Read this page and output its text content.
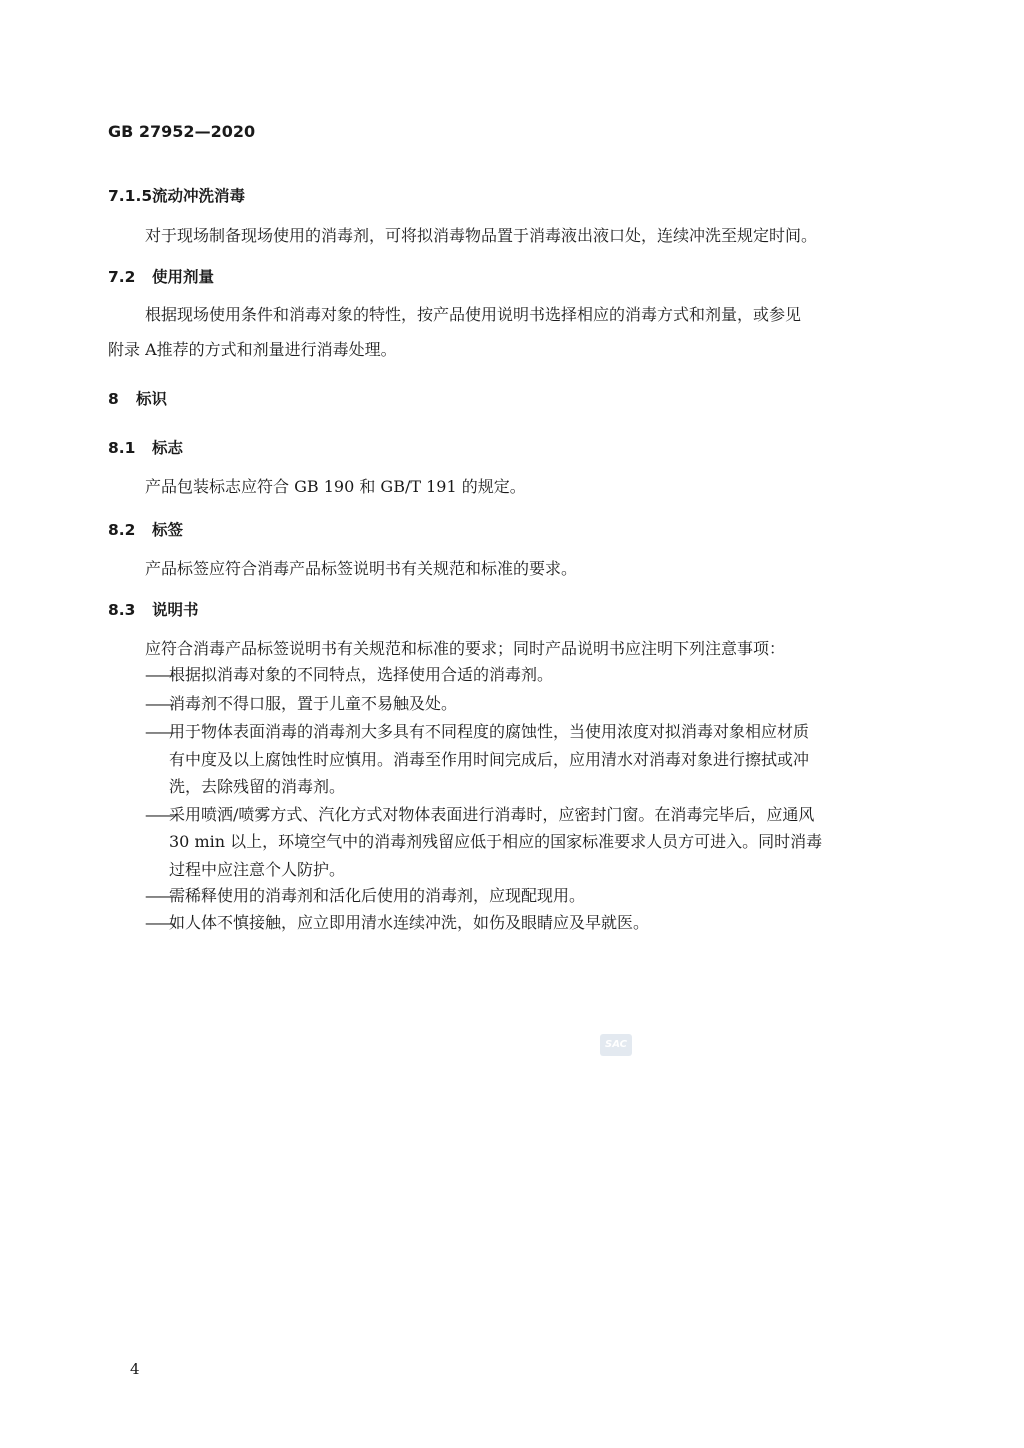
GB 27952—2020
7.1.5流动冲洗消毒
对于现场制备现场使用的消毒剂，可将拟消毒物品置于消毒液出液口处，连续冲洗至规定时间。
7.2 使用剂量
根据现场使用条件和消毒对象的特性，按产品使用说明书选择相应的消毒方式和剂量，或参见
附录 A推荐的方式和剂量进行消毒处理。
8 标识
8.1 标志
产品包装标志应符合 GB 190 和 GB/T 191 的规定。
8.2 标签
产品标签应符合消毒产品标签说明书有关规范和标准的要求。
8.3 说明书
应符合消毒产品标签说明书有关规范和标准的要求；同时产品说明书应注明下列注意事项：
——根据拟消毒对象的不同特点，选择使用合适的消毒剂。
——消毒剂不得口服，置于儿童不易触及处。
——用于物体表面消毒的消毒剂大多具有不同程度的腐蚀性，当使用浓度对拟消毒对象相应材质
有中度及以上腐蚀性时应慎用。消毒至作用时间完成后，应用清水对消毒对象进行擦拭或冲
洗，去除残留的消毒剂。
——采用喷洒/喷雾方式、汽化方式对物体表面进行消毒时，应密封门窗。在消毒完毕后，应通风
30 min 以上，环境空气中的消毒剂残留应低于相应的国家标准要求人员方可进入。同时消毒
过程中应注意个人防护。
——需稀释使用的消毒剂和活化后使用的消毒剂，应现配现用。
——如人体不慎接触，应立即用清水连续冲洗，如伤及眼睛应及早就医。
SAC
4
